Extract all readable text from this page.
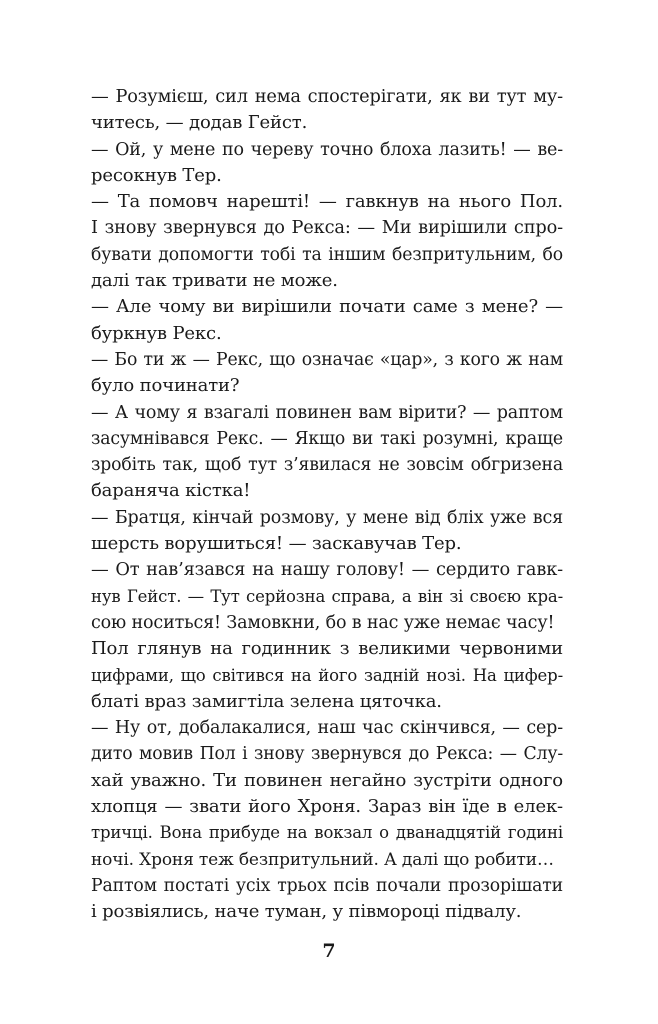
— Розумієш, сил нема спостерігати, як ви тут му-
читесь, — додав Гейст.
— Ой, у мене по череву точно блоха лазить! — ве-
ресокнув Тер.
— Та помовч нарешті! — гавкнув на нього Пол.
І знову звернувся до Рекса: — Ми вирішили спро-
бувати допомогти тобі та іншим безпритульним, бо
далі так тривати не може.
— Але чому ви вирішили почати саме з мене? —
буркнув Рекс.
— Бо ти ж — Рекс, що означає «цар», з кого ж нам
було починати?
— А чому я взагалі повинен вам вірити? — раптом
засумнівався Рекс. — Якщо ви такі розумні, краще
зробіть так, щоб тут з’явилася не зовсім обгризена
бараняча кістка!
— Братця, кінчай розмову, у мене від бліх уже вся
шерсть ворушиться! — заскавучав Тер.
— От нав’язався на нашу голову! — сердито гавк-
нув Гейст. — Тут серйозна справа, а він зі своєю кра-
сою носиться! Замовкни, бо в нас уже немає часу!
Пол глянув на годинник з великими червоними
цифрами, що світився на його задній нозі. На цифер-
блаті враз замигтіла зелена цяточка.
— Ну от, добалакалися, наш час скінчився, — сер-
дито мовив Пол і знову звернувся до Рекса: — Слу-
хай уважно. Ти повинен негайно зустріти одного
хлопця — звати його Хроня. Зараз він їде в елек-
тричці. Вона прибуде на вокзал о дванадцятій годині
ночі. Хроня теж безпритульний. А далі що робити…
Раптом постаті усіх трьох псів почали прозорішати
і розвіялись, наче туман, у півмороці підвалу.
7
